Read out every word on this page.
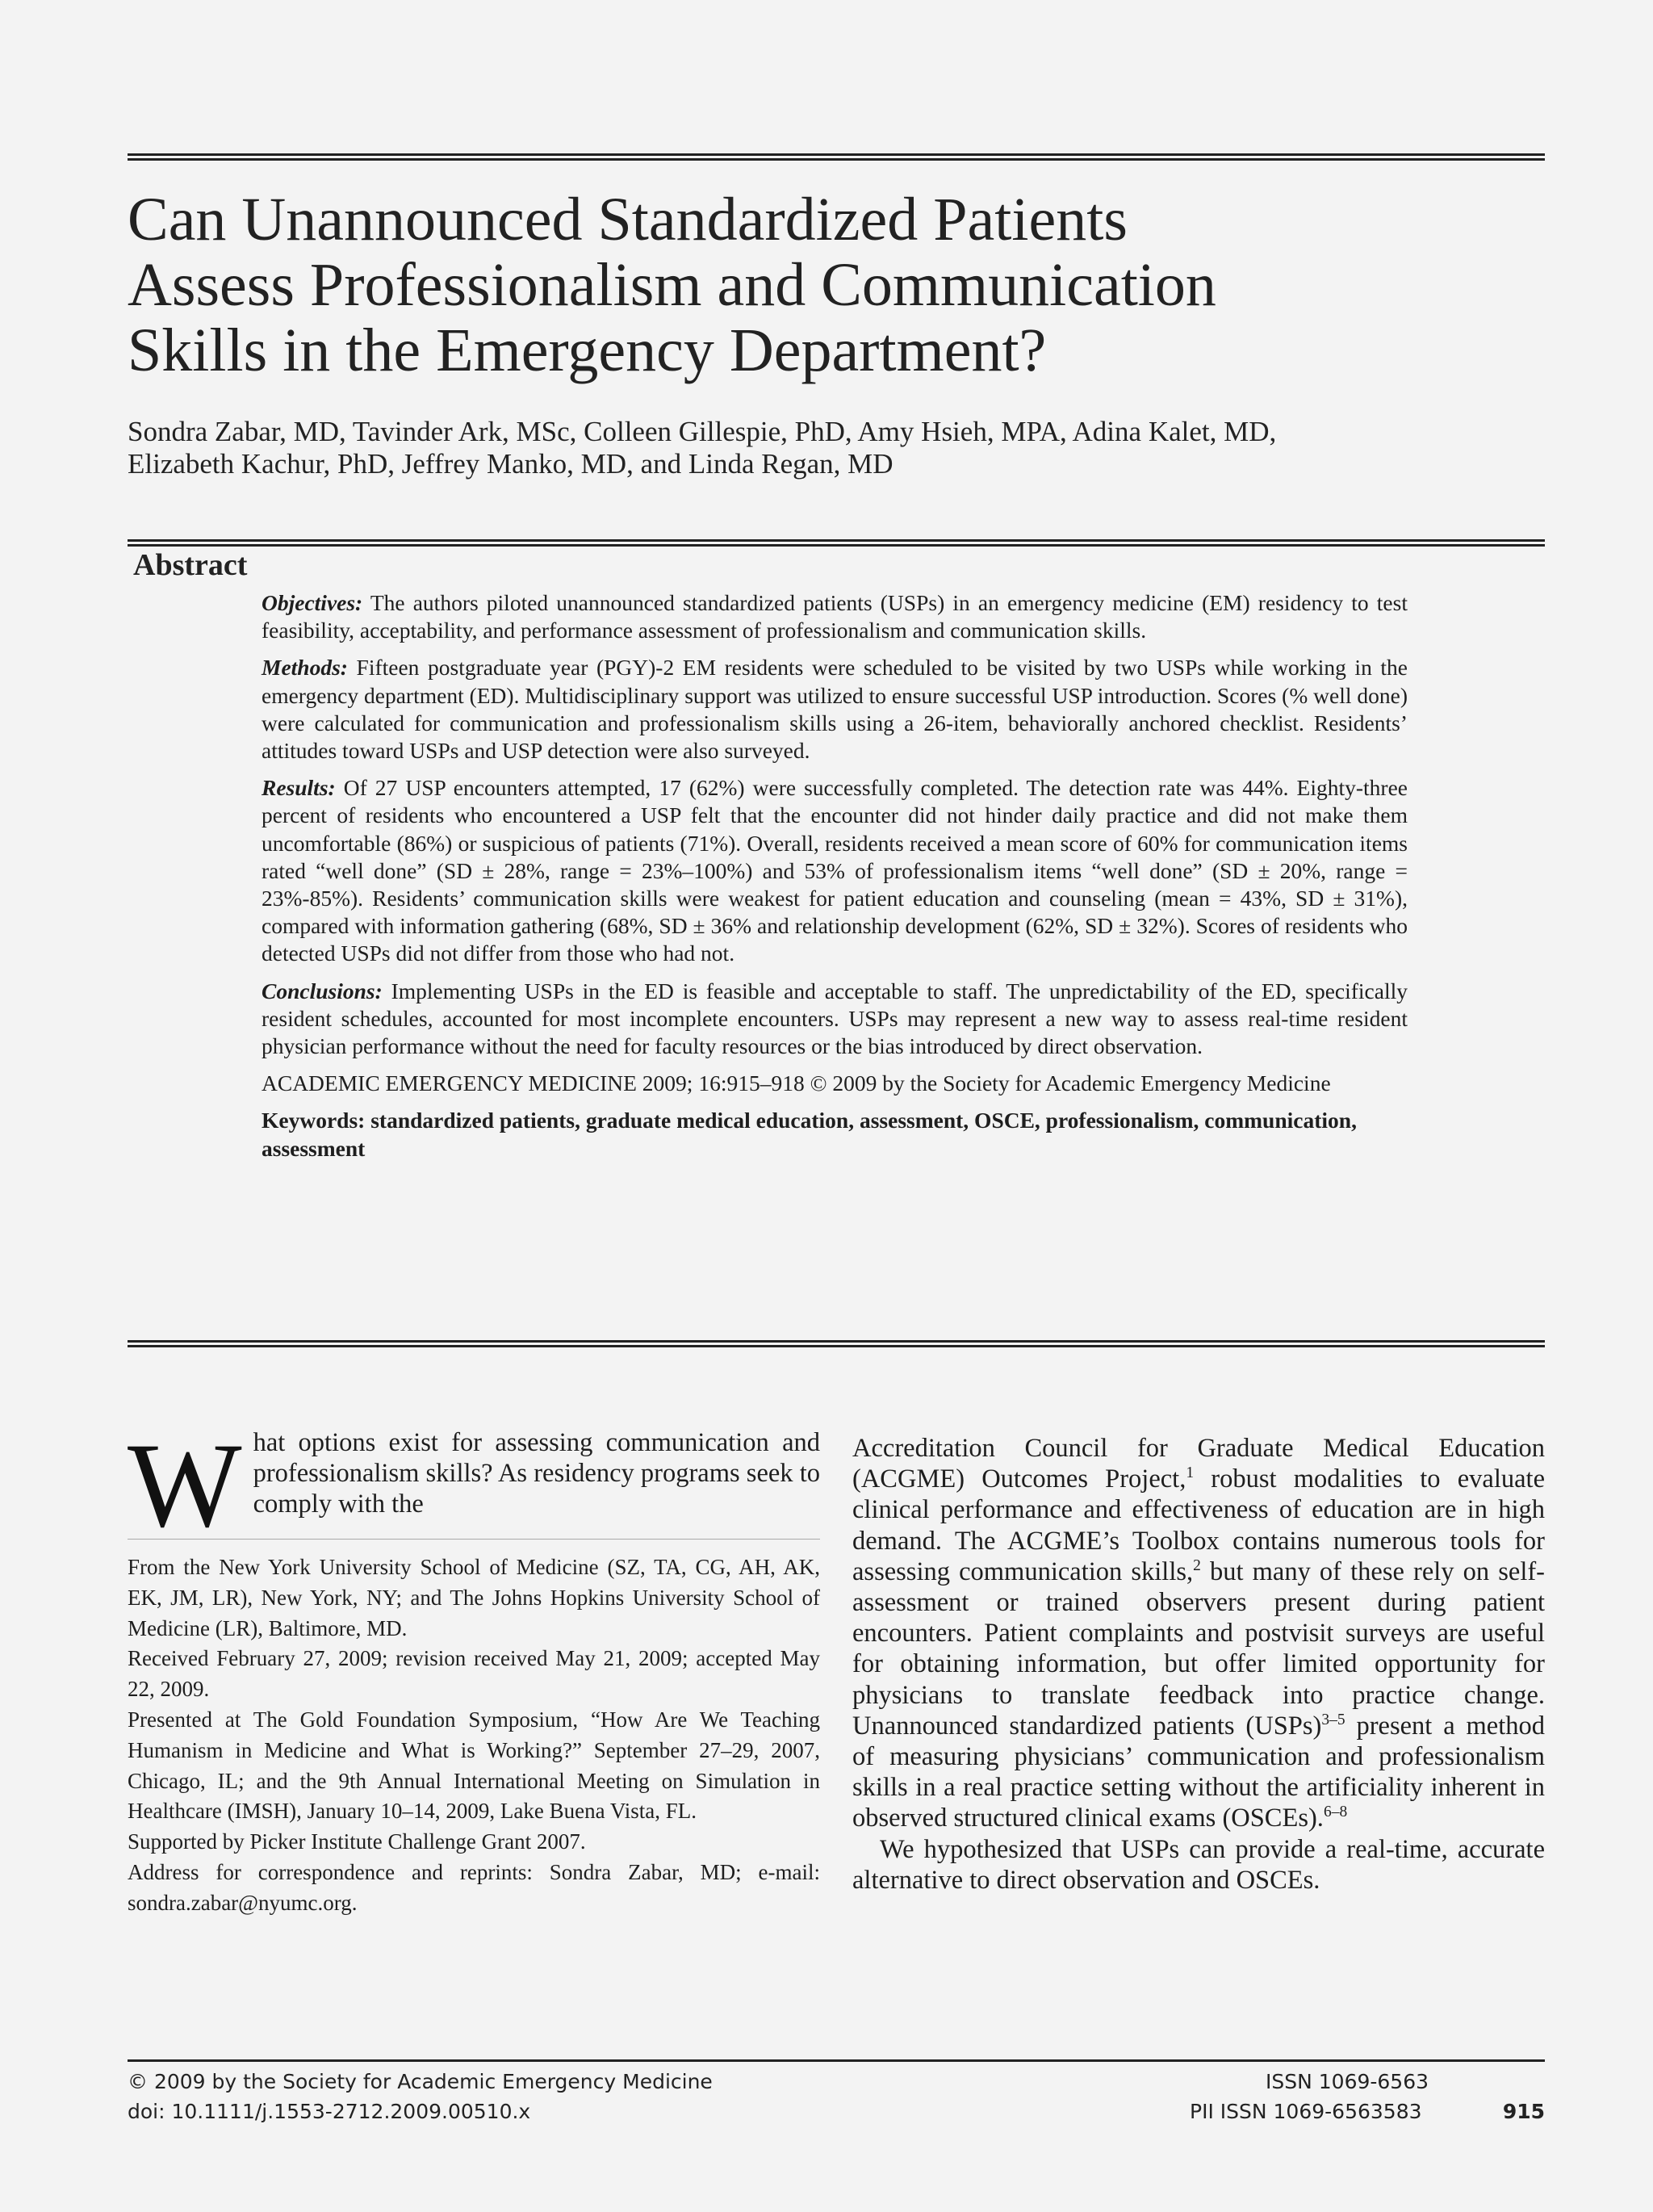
Can Unannounced Standardized Patients
Assess Professionalism and Communication
Skills in the Emergency Department?
Sondra Zabar, MD, Tavinder Ark, MSc, Colleen Gillespie, PhD, Amy Hsieh, MPA, Adina Kalet, MD,
Elizabeth Kachur, PhD, Jeffrey Manko, MD, and Linda Regan, MD
Abstract

Objectives: The authors piloted unannounced standardized patients (USPs) in an emergency medicine (EM) residency to test feasibility, acceptability, and performance assessment of professionalism and communication skills.

Methods: Fifteen postgraduate year (PGY)-2 EM residents were scheduled to be visited by two USPs while working in the emergency department (ED). Multidisciplinary support was utilized to ensure successful USP introduction. Scores (% well done) were calculated for communication and professionalism skills using a 26-item, behaviorally anchored checklist. Residents’ attitudes toward USPs and USP detection were also surveyed.

Results: Of 27 USP encounters attempted, 17 (62%) were successfully completed. The detection rate was 44%. Eighty-three percent of residents who encountered a USP felt that the encounter did not hinder daily practice and did not make them uncomfortable (86%) or suspicious of patients (71%). Overall, residents received a mean score of 60% for communication items rated “well done” (SD ± 28%, range = 23%–100%) and 53% of professionalism items “well done” (SD ± 20%, range = 23%-85%). Residents’ communication skills were weakest for patient education and counseling (mean = 43%, SD ± 31%), compared with information gathering (68%, SD ± 36% and relationship development (62%, SD ± 32%). Scores of residents who detected USPs did not differ from those who had not.

Conclusions: Implementing USPs in the ED is feasible and acceptable to staff. The unpredictability of the ED, specifically resident schedules, accounted for most incomplete encounters. USPs may represent a new way to assess real-time resident physician performance without the need for faculty resources or the bias introduced by direct observation.

ACADEMIC EMERGENCY MEDICINE 2009; 16:915–918 © 2009 by the Society for Academic Emergency Medicine

Keywords: standardized patients, graduate medical education, assessment, OSCE, professionalism, communication, assessment

W hat options exist for assessing communication and professionalism skills? As residency programs seek to comply with the

From the New York University School of Medicine (SZ, TA, CG, AH, AK, EK, JM, LR), New York, NY; and The Johns Hopkins University School of Medicine (LR), Baltimore, MD.

Received February 27, 2009; revision received May 21, 2009; accepted May 22, 2009.

Presented at The Gold Foundation Symposium, “How Are We Teaching Humanism in Medicine and What is Working?” September 27–29, 2007, Chicago, IL; and the 9th Annual International Meeting on Simulation in Healthcare (IMSH), January 10–14, 2009, Lake Buena Vista, FL.

Supported by Picker Institute Challenge Grant 2007.

Address for correspondence and reprints: Sondra Zabar, MD; e-mail: sondra.zabar@nyumc.org.

Accreditation Council for Graduate Medical Education (ACGME) Outcomes Project,$^1$ robust modalities to evaluate clinical performance and effectiveness of education are in high demand. The ACGME’s Toolbox contains numerous tools for assessing communication skills,$^2$ but many of these rely on self-assessment or trained observers present during patient encounters. Patient complaints and postvisit surveys are useful for obtaining information, but offer limited opportunity for physicians to translate feedback into practice change. Unannounced standardized patients (USPs)$^{3-5}$ present a method of measuring physicians’ communication and professionalism skills in a real practice setting without the artificiality inherent in observed structured clinical exams (OSCEs).$^{6-8}$

We hypothesized that USPs can provide a real-time, accurate alternative to direct observation and OSCEs.

© 2009 by the Society for Academic Emergency Medicine
doi: 10.1111/j.1553-2712.2009.00510.x
ISSN 1069-6563
PII ISSN 1069-6563583	915
